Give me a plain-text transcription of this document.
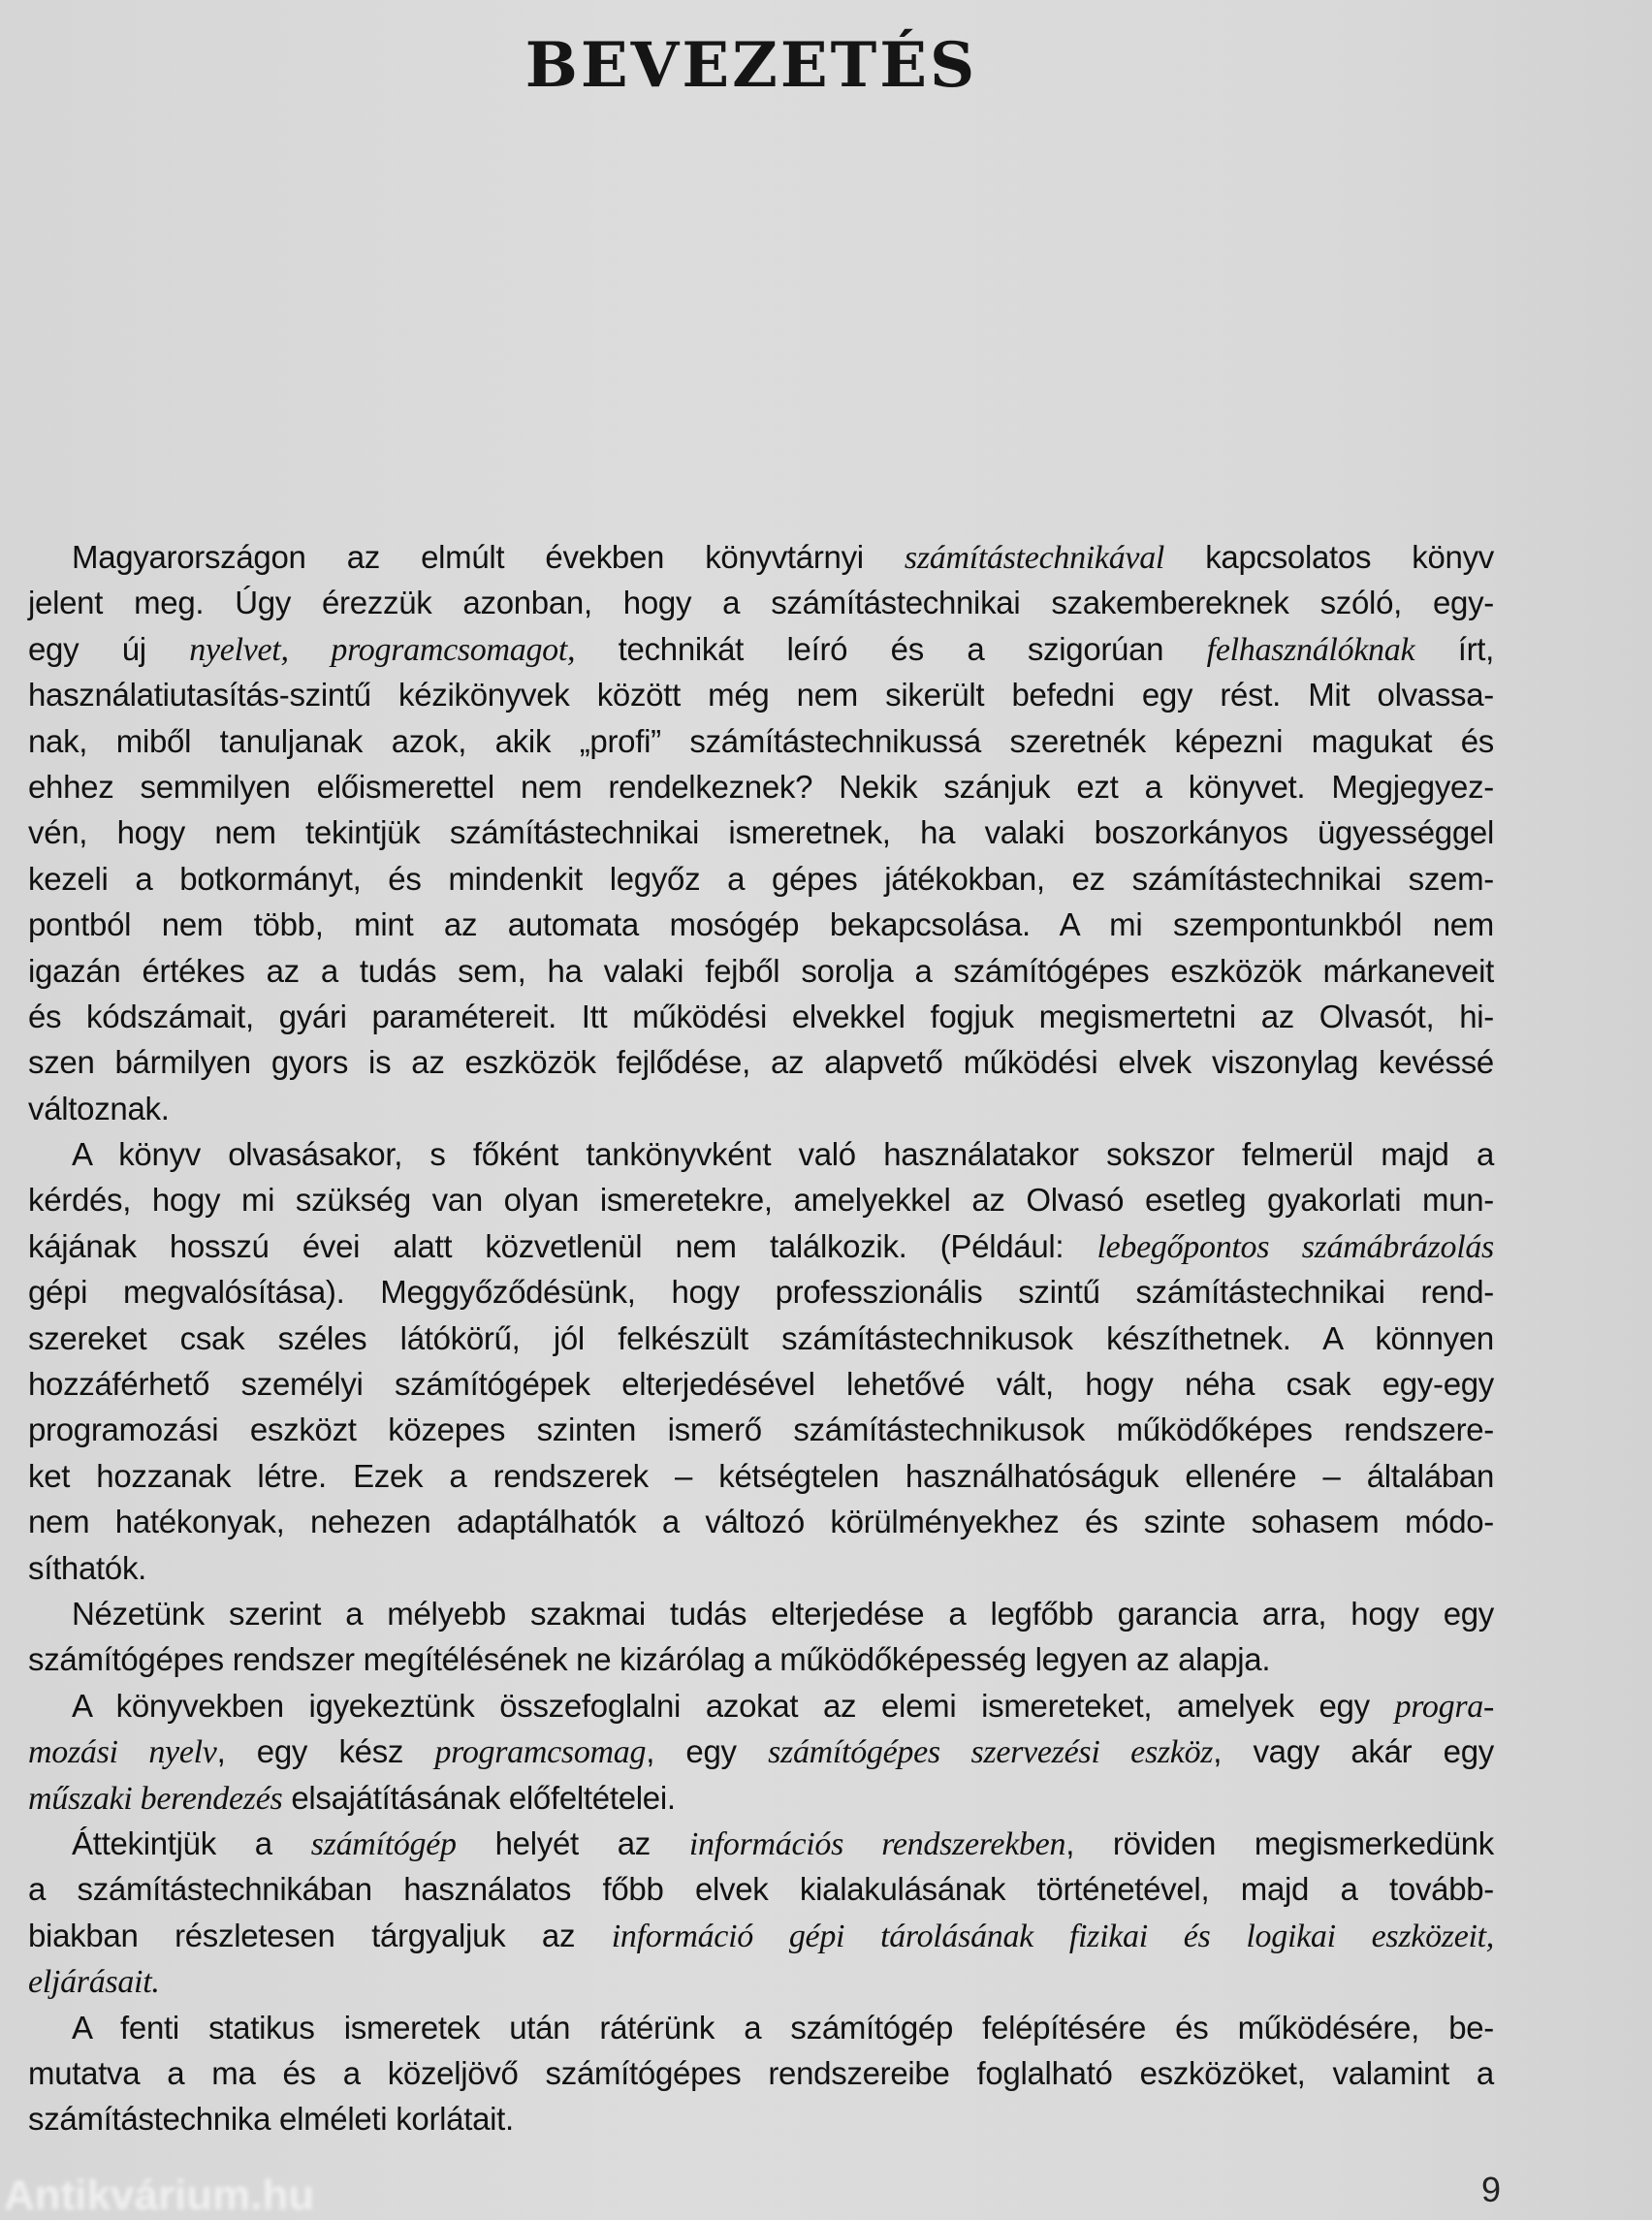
BEVEZETÉS
Magyarországon az elmúlt években könyvtárnyi számítástechnikával kapcsolatos könyv
jelent meg. Úgy érezzük azonban, hogy a számítástechnikai szakembereknek szóló, egy-
egy új nyelvet, programcsomagot, technikát leíró és a szigorúan felhasználóknak írt,
használatiutasítás-szintű kézikönyvek között még nem sikerült befedni egy rést. Mit olvassa-
nak, miből tanuljanak azok, akik „profi” számítástechnikussá szeretnék képezni magukat és
ehhez semmilyen előismerettel nem rendelkeznek? Nekik szánjuk ezt a könyvet. Megjegyez-
vén, hogy nem tekintjük számítástechnikai ismeretnek, ha valaki boszorkányos ügyességgel
kezeli a botkormányt, és mindenkit legyőz a gépes játékokban, ez számítástechnikai szem-
pontból nem több, mint az automata mosógép bekapcsolása. A mi szempontunkból nem
igazán értékes az a tudás sem, ha valaki fejből sorolja a számítógépes eszközök márkaneveit
és kódszámait, gyári paramétereit. Itt működési elvekkel fogjuk megismertetni az Olvasót, hi-
szen bármilyen gyors is az eszközök fejlődése, az alapvető működési elvek viszonylag kevéssé
változnak.
A könyv olvasásakor, s főként tankönyvként való használatakor sokszor felmerül majd a
kérdés, hogy mi szükség van olyan ismeretekre, amelyekkel az Olvasó esetleg gyakorlati mun-
kájának hosszú évei alatt közvetlenül nem találkozik. (Például: lebegőpontos számábrázolás
gépi megvalósítása). Meggyőződésünk, hogy professzionális szintű számítástechnikai rend-
szereket csak széles látókörű, jól felkészült számítástechnikusok készíthetnek. A könnyen
hozzáférhető személyi számítógépek elterjedésével lehetővé vált, hogy néha csak egy-egy
programozási eszközt közepes szinten ismerő számítástechnikusok működőképes rendszere-
ket hozzanak létre. Ezek a rendszerek – kétségtelen használhatóságuk ellenére – általában
nem hatékonyak, nehezen adaptálhatók a változó körülményekhez és szinte sohasem módo-
síthatók.
Nézetünk szerint a mélyebb szakmai tudás elterjedése a legfőbb garancia arra, hogy egy
számítógépes rendszer megítélésének ne kizárólag a működőképesség legyen az alapja.
A könyvekben igyekeztünk összefoglalni azokat az elemi ismereteket, amelyek egy progra-
mozási nyelv, egy kész programcsomag, egy számítógépes szervezési eszköz, vagy akár egy
műszaki berendezés elsajátításának előfeltételei.
Áttekintjük a számítógép helyét az információs rendszerekben, röviden megismerkedünk
a számítástechnikában használatos főbb elvek kialakulásának történetével, majd a tovább-
biakban részletesen tárgyaljuk az információ gépi tárolásának fizikai és logikai eszközeit,
eljárásait.
A fenti statikus ismeretek után rátérünk a számítógép felépítésére és működésére, be-
mutatva a ma és a közeljövő számítógépes rendszereibe foglalható eszközöket, valamint a
számítástechnika elméleti korlátait.
9
Antikvárium.hu
